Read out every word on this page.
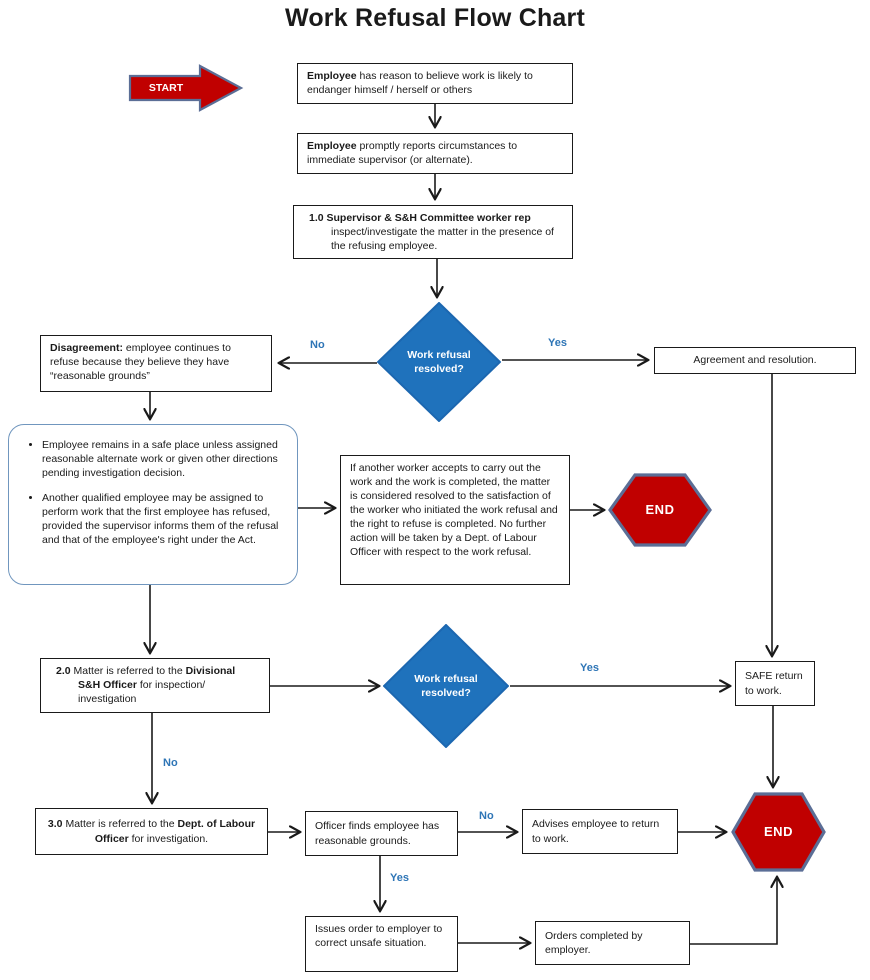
Work Refusal Flow Chart
START
Employee has reason to believe work is likely to endanger himself / herself or others
Employee promptly reports circumstances to immediate supervisor (or alternate).
1.0 Supervisor & S&H Committee worker rep inspect/investigate the matter in the presence of the refusing employee.
Work refusal resolved?
Disagreement: employee continues to refuse because they believe they have “reasonable grounds”
Agreement and resolution.
• Employee remains in a safe place unless assigned reasonable alternate work or given other directions pending investigation decision.
• Another qualified employee may be assigned to perform work that the first employee has refused, provided the supervisor informs them of the refusal and that of the employee's right under the Act.
If another worker accepts to carry out the work and the work is completed, the matter is considered resolved to the satisfaction of the worker who initiated the work refusal and the right to refuse is completed. No further action will be taken by a Dept. of Labour Officer with respect to the work refusal.
END
2.0 Matter is referred to the Divisional S&H Officer for inspection/ investigation
Work refusal resolved?
SAFE return to work.
3.0 Matter is referred to the Dept. of Labour Officer for investigation.
Officer finds employee has reasonable grounds.
Advises employee to return to work.	END
Issues order to employer to correct unsafe situation.
Orders completed by employer.
No	Yes
Yes
No
No
Yes
